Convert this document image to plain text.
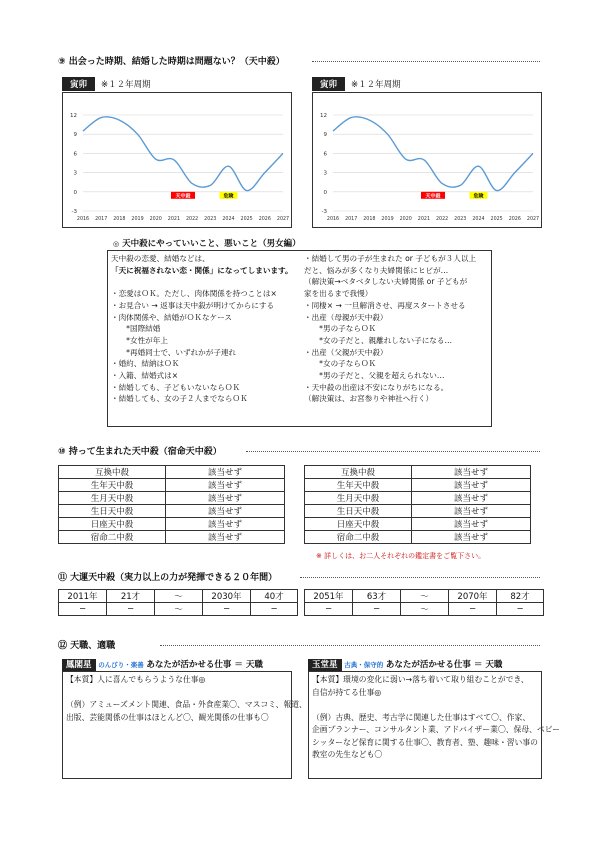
⑨ 出会った時期、結婚した時期は問題ない？（天中殺）
寅卯 ※１２年周期	寅卯 ※１２年周期
12
9
6
3
0
-3
2016 2017 2018 2019 2020 2021 2022 2023 2024 2025 2026 2027
天中殺	危険
12
9
6
3
0
-3
2016 2017 2018 2019 2020 2021 2022 2023 2024 2025 2026 2027
天中殺	危険
◎ 天中殺にやっていいこと、悪いこと（男女編）
天中殺の恋愛、結婚などは、
「天に祝福されない恋・関係」になってしまいます。

・恋愛はＯＫ。ただし、肉体関係を持つことは×
・お見合い → 返事は天中殺が明けてからにする
・肉体関係や、結婚がＯＫなケース
　　*国際結婚
　　*女性が年上
　　*再婚同士で、いずれかが子連れ
・婚約、結納はＯＫ
・入籍、結婚式は×
・結婚しても、子どもいないならＯＫ
・結婚しても、女の子２人までならＯＫ
・結婚して男の子が生まれた or 子どもが３人以上
だと、悩みが多くなり夫婦関係にヒビが…
（解決策→ベタベタしない夫婦関係 or 子どもが
家を出るまで我慢）
・同棲× → 一旦解消させ、再度スタートさせる
・出産（母親が天中殺）
　　*男の子ならＯＫ
　　*女の子だと、親離れしない子になる…
・出産（父親が天中殺）
　　*女の子ならＯＫ
　　*男の子だと、父親を超えられない…
・天中殺の出産は不安になりがちになる。
（解決策は、お宮参りや神社へ行く）
⑩ 持って生まれた天中殺（宿命天中殺）
互換中殺	該当せず
生年天中殺	該当せず
生月天中殺	該当せず
生日天中殺	該当せず
日座天中殺	該当せず
宿命二中殺	該当せず
互換中殺	該当せず
生年天中殺	該当せず
生月天中殺	該当せず
生日天中殺	該当せず
日座天中殺	該当せず
宿命二中殺	該当せず
※ 詳しくは、お二人それぞれの鑑定書をご覧下さい。
⑪ 大運天中殺（実力以上の力が発揮できる２０年間）
2011年	21才	〜	2030年	40才
−	−	〜	−	−
2051年	63才	〜	2070年	82才
−	−	〜	−	−
⑫ 天職、適職
鳳閣星 のんびり・楽善 あなたが活かせる仕事 ＝ 天職
【本質】人に喜んでもらうような仕事◎

（例）アミューズメント関連、食品・外食産業〇、マスコミ、報道、
出版、芸能関係の仕事はほとんど〇、観光関係の仕事も〇
玉堂星 古典・保守的 あなたが活かせる仕事 ＝ 天職
【本質】環境の変化に弱い→落ち着いて取り組むことができ、
自信が持てる仕事◎

（例）古典、歴史、考古学に関連した仕事はすべて〇、作家、
企画プランナー、コンサルタント業、アドバイザー業〇、保母、ベビー
シッターなど保育に関する仕事〇、教育者、塾、趣味・習い事の
教室の先生なども〇
